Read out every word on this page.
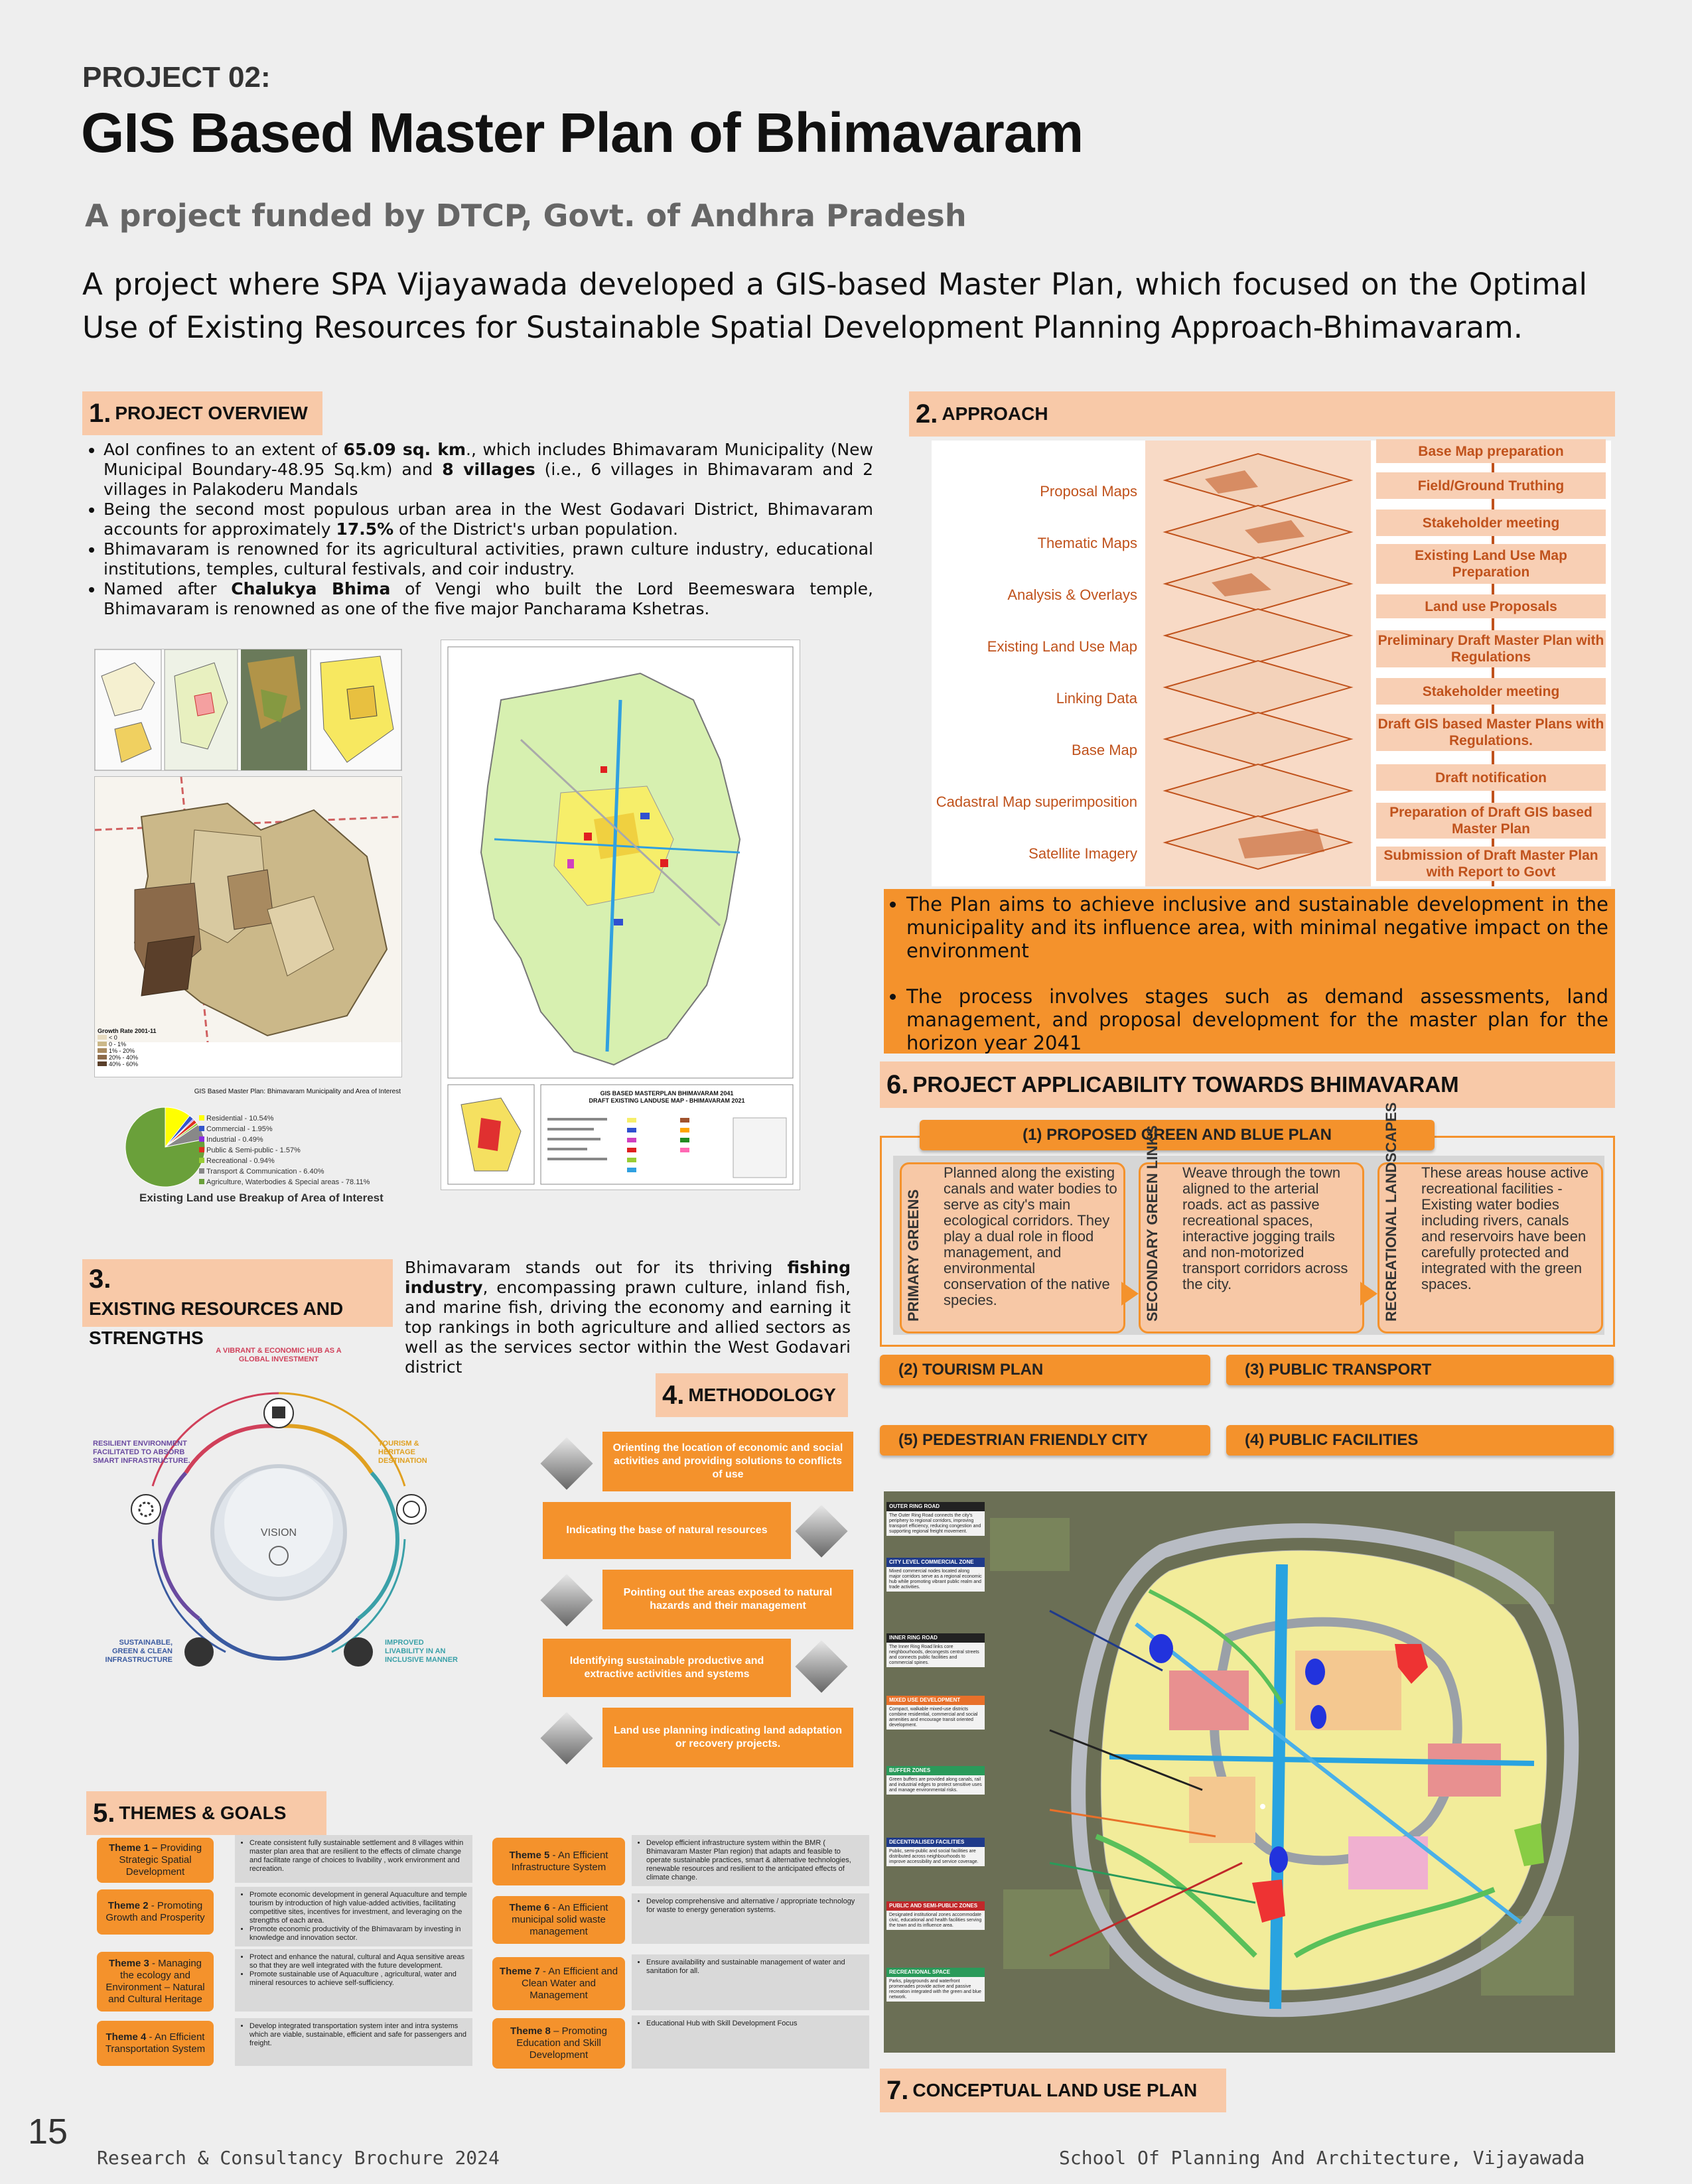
PROJECT 02:
GIS Based Master Plan of Bhimavaram
A project funded by DTCP, Govt. of Andhra Pradesh
A project where SPA Vijayawada developed a GIS-based Master Plan, which focused on the Optimal Use of Existing Resources for Sustainable Spatial Development Planning Approach-Bhimavaram.
1. PROJECT OVERVIEW
• AoI confines to an extent of 65.09 sq. km., which includes Bhimavaram Municipality (New Municipal Boundary-48.95 Sq.km) and 8 villages (i.e., 6 villages in Bhimavaram and 2 villages in Palakoderu Mandals
• Being the second most populous urban area in the West Godavari District, Bhimavaram accounts for approximately 17.5% of the District's urban population.
• Bhimavaram is renowned for its agricultural activities, prawn culture industry, educational institutions, temples, cultural festivals, and coir industry.
• Named after Chalukya Bhima of Vengi who built the Lord Beemeswara temple, Bhimavaram is renowned as one of the five major Pancharama Kshetras.
Growth Rate 2001-11
< 0
0 - 1%
1% - 20%
20% - 40%
40% - 60%
GIS Based Master Plan: Bhimavaram Municipality and Area of Interest	GIS BASED MASTERPLAN BHIMAVARAM 2041
DRAFT EXISTING LANDUSE MAP - BHIMAVARAM 2021
Residential - 10.54%
Commercial - 1.95%
Industrial - 0.49%
Public & Semi-public - 1.57%
Recreational - 0.94%
Transport & Communication - 6.40%
Agriculture, Waterbodies & Special areas - 78.11%
Existing Land use Breakup of Area of Interest
3.
EXISTING RESOURCES AND STRENGTHS
Bhimavaram stands out for its thriving fishing industry, encompassing prawn culture, inland fish, and marine fish, driving the economy and earning it top rankings in both agriculture and allied sectors as well as the services sector within the West Godavari district
VISION
A VIBRANT & ECONOMIC HUB AS A GLOBAL INVESTMENT
TOURISM & HERITAGE DESTINATION
IMPROVED LIVABILITY IN AN INCLUSIVE MANNER
SUSTAINABLE, GREEN & CLEAN INFRASTRUCTURE
RESILIENT ENVIRONMENT FACILITATED TO ABSORB SMART INFRASTRUCTURE.
4. METHODOLOGY
Orienting the location of economic and social activities and providing solutions to conflicts of use
Indicating the base of natural resources
Pointing out the areas exposed to natural hazards and their management
Identifying sustainable productive and extractive activities and systems
Land use planning indicating land adaptation or recovery projects.
5. THEMES & GOALS
Theme 1 – Providing Strategic Spatial Development
• Create consistent fully sustainable settlement and 8 villages within master plan area that are resilient to the effects of climate change and facilitate range of choices to livability , work environment and recreation.
Theme 2 - Promoting Growth and Prosperity
• Promote economic development in general Aquaculture and temple tourism by introduction of high value-added activities, facilitating competitive sites, incentives for investment, and leveraging on the strengths of each area.
• Promote economic productivity of the Bhimavaram by investing in knowledge and innovation sector.
Theme 3 - Managing the ecology and Environment – Natural and Cultural Heritage
• Protect and enhance the natural, cultural and Aqua sensitive areas so that they are well integrated with the future development.
• Promote sustainable use of Aquaculture , agricultural, water and mineral resources to achieve self-sufficiency.
Theme 4 - An Efficient Transportation System
• Develop integrated transportation system inter and intra systems which are viable, sustainable, efficient and safe for passengers and freight.
Theme 5 - An Efficient Infrastructure System
• Develop efficient infrastructure system within the BMR ( Bhimavaram Master Plan region) that adapts and feasible to operate sustainable practices, smart & alternative technologies, renewable resources and resilient to the anticipated effects of climate change.
Theme 6 - An Efficient municipal solid waste management
• Develop comprehensive and alternative / appropriate technology for waste to energy generation systems.
Theme 7 - An Efficient and Clean Water and Management
• Ensure availability and sustainable management of water and sanitation for all.
Theme 8 – Promoting Education and Skill Development
• Educational Hub with Skill Development Focus
2. APPROACH
Proposal Maps
Thematic Maps
Analysis & Overlays
Existing Land Use Map
Linking Data
Base Map
Cadastral Map superimposition
Satellite Imagery
Base Map preparation
Field/Ground Truthing
Stakeholder meeting
Existing Land Use Map Preparation
Land use Proposals
Preliminary Draft Master Plan with Regulations
Stakeholder meeting
Draft GIS based Master Plans with Regulations.
Draft notification
Preparation of Draft GIS based Master Plan
Submission of Draft Master Plan with Report to Govt
• The Plan aims to achieve inclusive and sustainable development in the municipality and its influence area, with minimal negative impact on the environment
• The process involves stages such as demand assessments, land management, and proposal development for the master plan for the horizon year 2041
6. PROJECT APPLICABILITY TOWARDS BHIMAVARAM
(1) PROPOSED GREEN AND BLUE PLAN
PRIMARY GREENS
Planned along the existing canals and water bodies to serve as city's main ecological corridors. They play a dual role in flood management, and environmental conservation of the native species.	SECONDARY GREEN LINKS Weave through the town aligned to the arterial roads. act as passive recreational spaces, interactive jogging trails and non-motorized transport corridors across the city.	RECREATIONAL LANDSCAPES These areas house active recreational facilities - Existing water bodies including rivers, canals and reservoirs have been carefully protected and integrated with the green spaces.
(2) TOURISM PLAN	(3) PUBLIC TRANSPORT
(5) PEDESTRIAN FRIENDLY CITY	(4) PUBLIC FACILITIES
OUTER RING ROAD
The Outer Ring Road connects the city's periphery to regional corridors, improving transport efficiency, reducing congestion and supporting regional freight movement.
CITY LEVEL COMMERCIAL ZONE
Mixed commercial nodes located along major corridors serve as a regional economic hub while promoting vibrant public realm and trade activities.
INNER RING ROAD
The Inner Ring Road links core neighbourhoods, decongests central streets and connects public facilities and commercial spines.
MIXED USE DEVELOPMENT
Compact, walkable mixed-use districts combine residential, commercial and social amenities and encourage transit oriented development.
BUFFER ZONES
Green buffers are provided along canals, rail and industrial edges to protect sensitive uses and manage environmental risks.
DECENTRALISED FACILITIES
Public, semi-public and social facilities are distributed across neighbourhoods to improve accessibility and service coverage.
PUBLIC AND SEMI-PUBLIC ZONES
Designated institutional zones accommodate civic, educational and health facilities serving the town and its influence area.
RECREATIONAL SPACE
Parks, playgrounds and waterfront promenades provide active and passive recreation integrated with the green and blue network.
7. CONCEPTUAL LAND USE PLAN
15
Research & Consultancy Brochure 2024	School Of Planning And Architecture, Vijayawada
